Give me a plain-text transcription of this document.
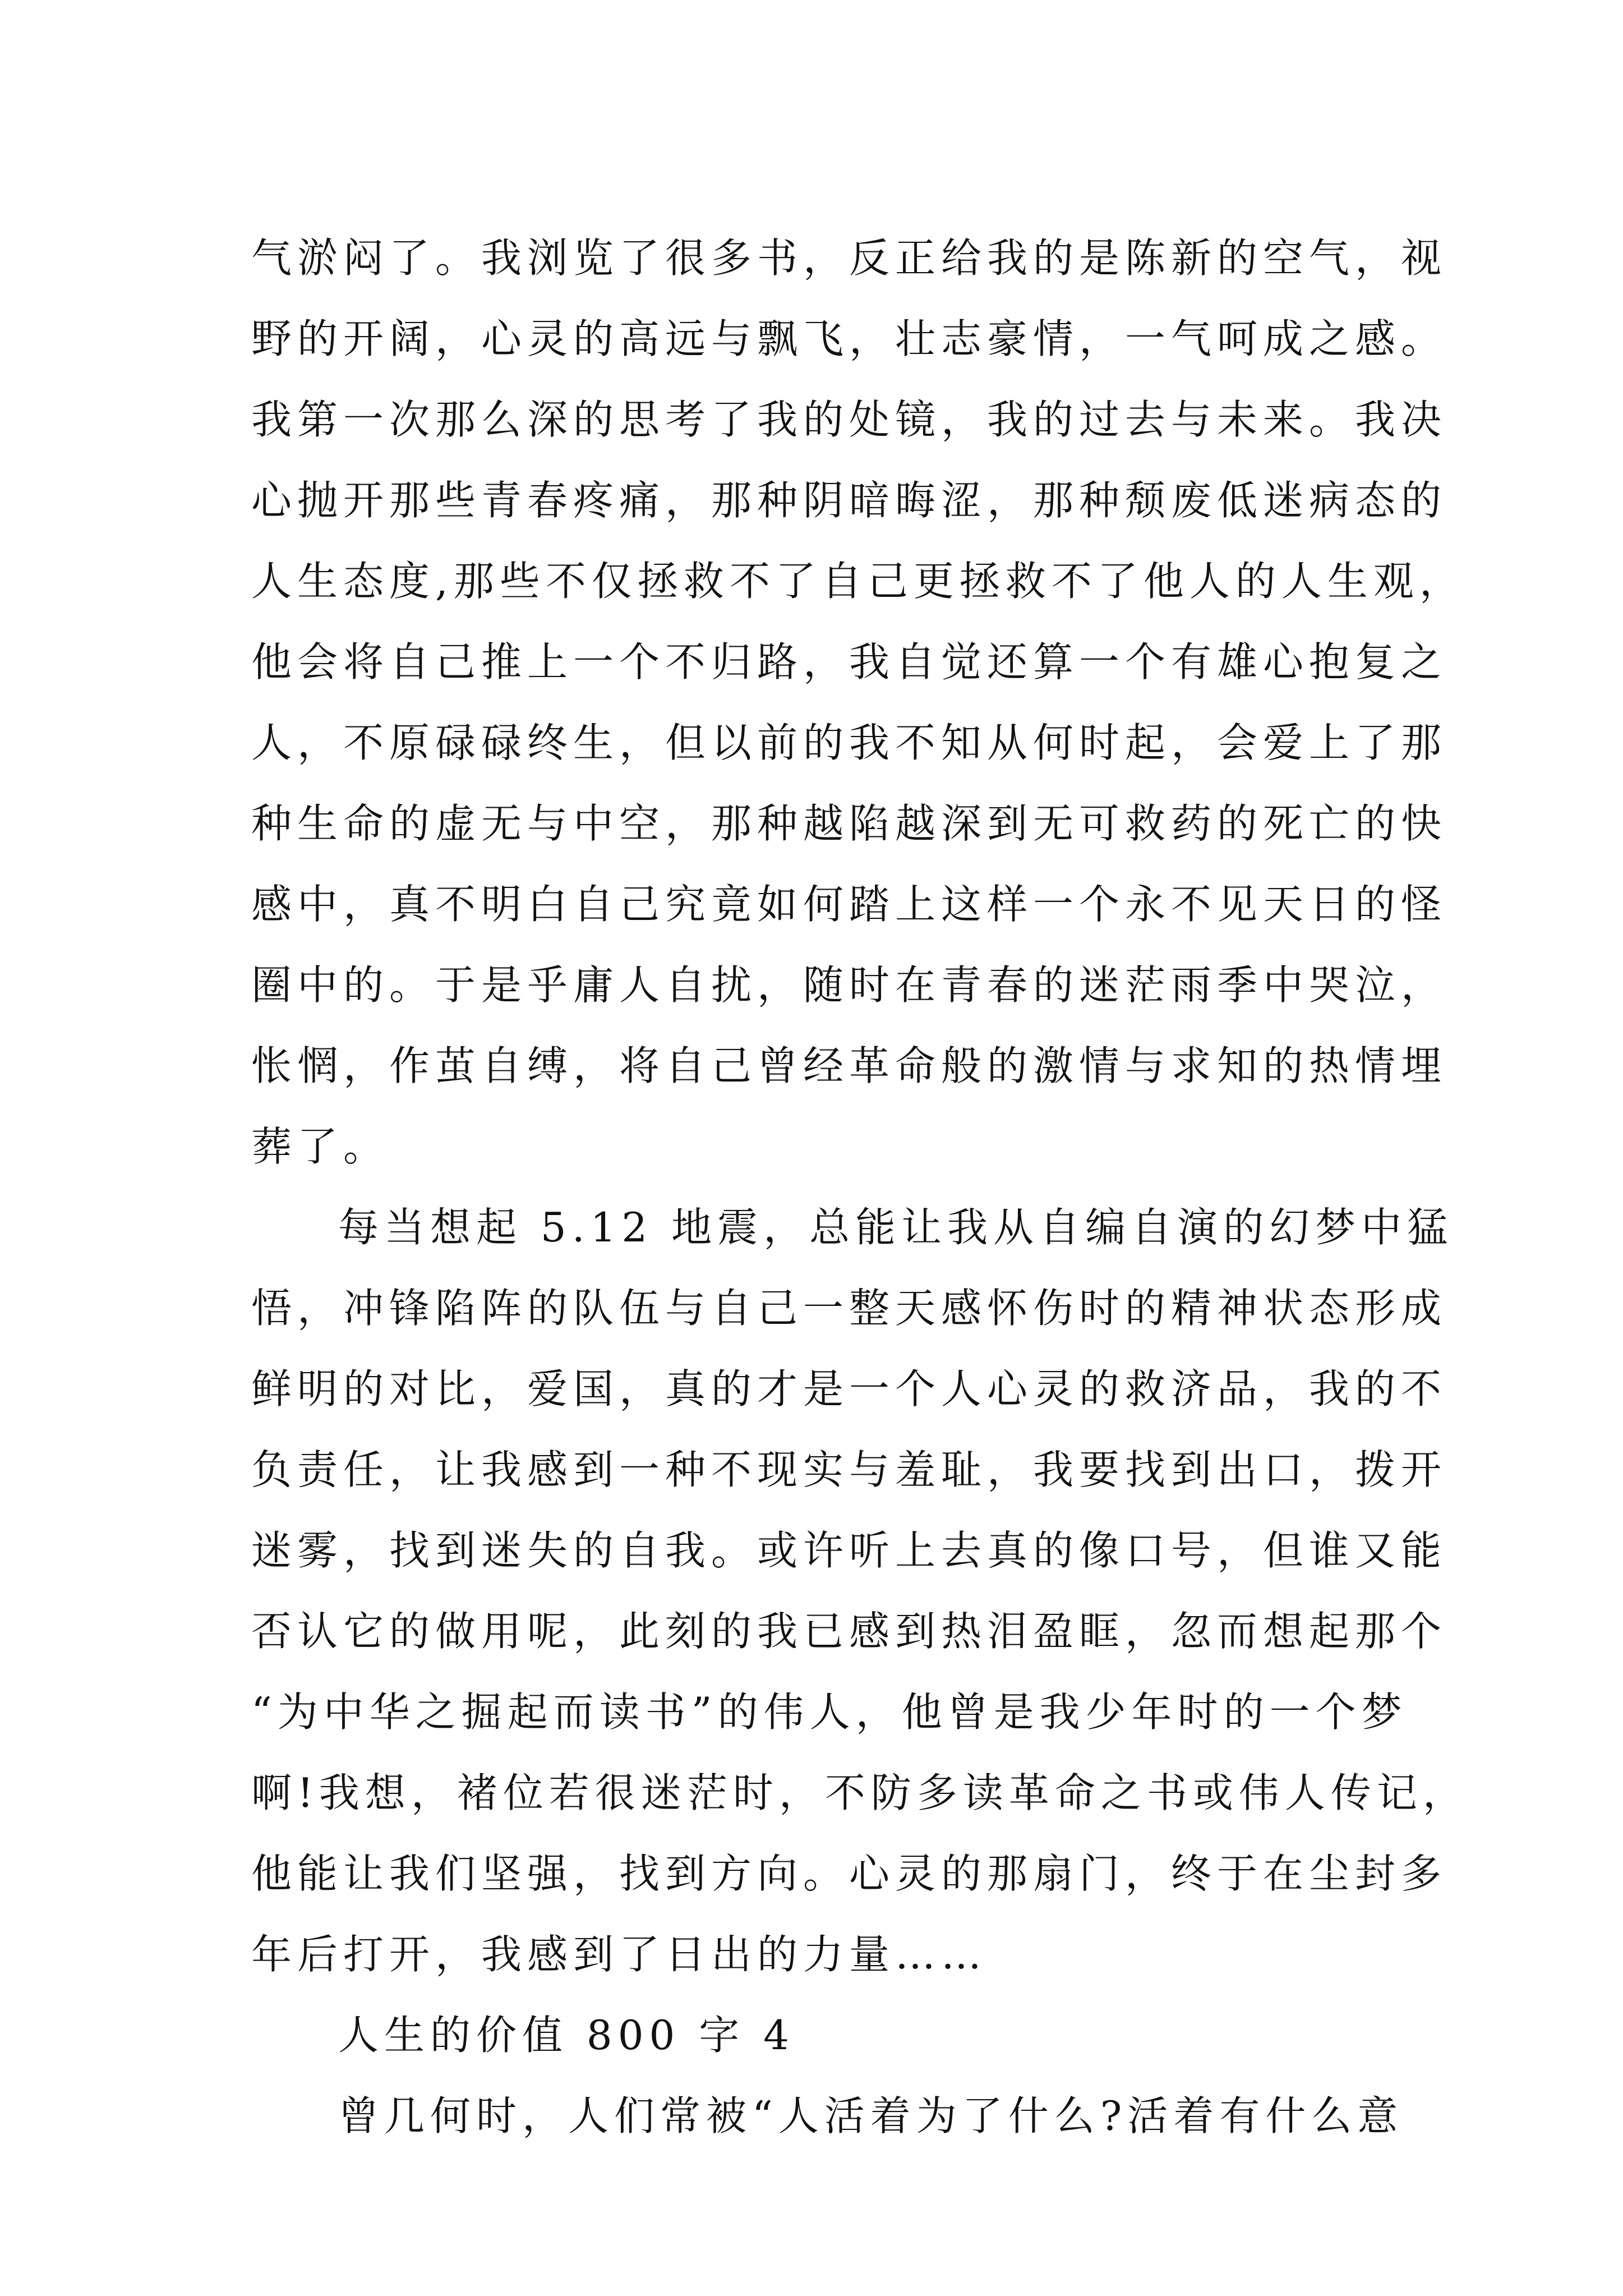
气淤闷了。我浏览了很多书，反正给我的是陈新的空气，视
野的开阔，心灵的高远与飘飞，壮志豪情，一气呵成之感。
我第一次那么深的思考了我的处镜，我的过去与未来。我决
心抛开那些青春疼痛，那种阴暗晦涩，那种颓废低迷病态的
人生态度,那些不仅拯救不了自己更拯救不了他人的人生观，
他会将自己推上一个不归路，我自觉还算一个有雄心抱复之
人，不原碌碌终生，但以前的我不知从何时起，会爱上了那
种生命的虚无与中空，那种越陷越深到无可救药的死亡的快
感中，真不明白自己究竟如何踏上这样一个永不见天日的怪
圈中的。于是乎庸人自扰，随时在青春的迷茫雨季中哭泣，
怅惘，作茧自缚，将自己曾经革命般的激情与求知的热情埋
葬了。
每当想起 5.12 地震，总能让我从自编自演的幻梦中猛
悟，冲锋陷阵的队伍与自己一整天感怀伤时的精神状态形成
鲜明的对比，爱国，真的才是一个人心灵的救济品，我的不
负责任，让我感到一种不现实与羞耻，我要找到出口，拨开
迷雾，找到迷失的自我。或许听上去真的像口号，但谁又能
否认它的做用呢，此刻的我已感到热泪盈眶，忽而想起那个
“为中华之掘起而读书”的伟人，他曾是我少年时的一个梦
啊!我想，褚位若很迷茫时，不防多读革命之书或伟人传记，
他能让我们坚强，找到方向。心灵的那扇门，终于在尘封多
年后打开，我感到了日出的力量……
人生的价值 800 字 4
曾几何时，人们常被“人活着为了什么?活着有什么意
